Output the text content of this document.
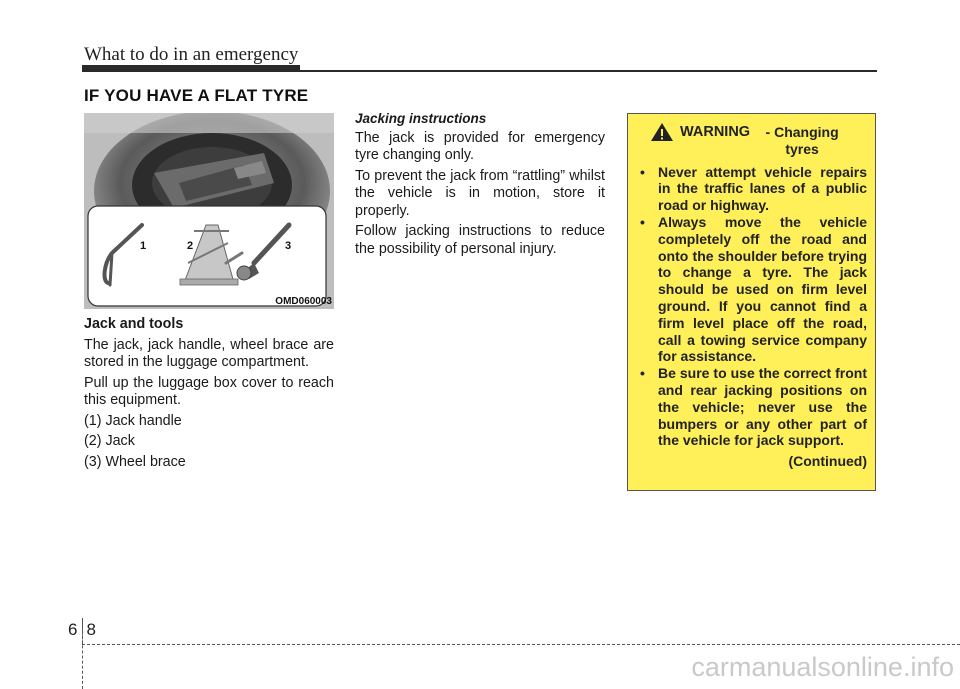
What to do in an emergency
IF YOU HAVE A FLAT TYRE
1	2	3
OMD060003

Jack and tools

The jack, jack handle, wheel brace are stored in the luggage compartment.

Pull up the luggage box cover to reach this equipment.

(1) Jack handle

(2) Jack

(3) Wheel brace

Jacking instructions

The jack is provided for emergency tyre changing only.

To prevent the jack from “rattling” whilst the vehicle is in motion, store it properly.

Follow jacking instructions to reduce the possibility of personal injury.

WARNING	- Changing tyres
• Never attempt vehicle repairs in the traffic lanes of a public road or highway.
• Always move the vehicle completely off the road and onto the shoulder before trying to change a tyre. The jack should be used on firm level ground. If you cannot find a firm level place off the road, call a towing service company for assistance.
• Be sure to use the correct front and rear jacking positions on the vehicle; never use the bumpers or any other part of the vehicle for jack support.
(Continued)
68
carmanualsonline.info
